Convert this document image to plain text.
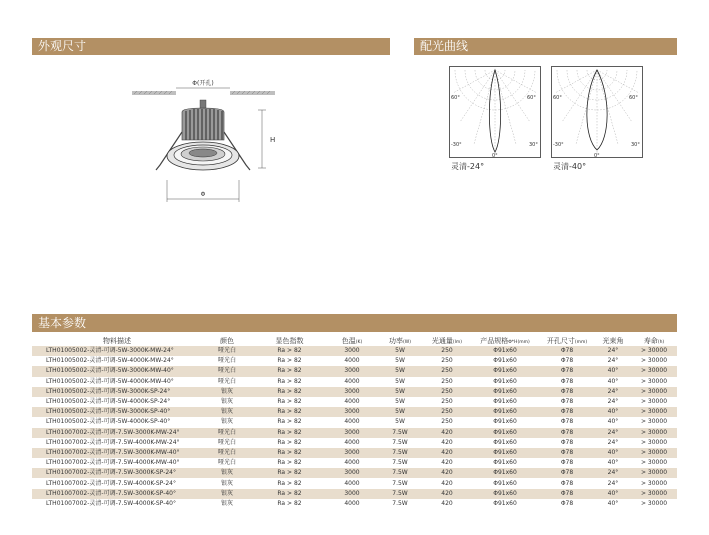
外观尺寸	配光曲线
基本参数
Φ(开孔)
H
Φ
60°	60°
-30°	30°
0°
灵清-24°
60°	60°
-30°	30°
0°
灵清-40°
物料描述	颜色	显色指数	色温(K)	功率(W)	光通量(lm)	产品规格Φ*H(mm)	开孔尺寸(mm)	光束角	寿命(h)
LTH01005002-灵清-可调-5W-3000K-MW-24°	哑光白	Ra > 82	3000	5W	250	Φ91x60	Φ78	24°	> 30000
LTH01005002-灵清-可调-5W-4000K-MW-24°	哑光白	Ra > 82	4000	5W	250	Φ91x60	Φ78	24°	> 30000
LTH01005002-灵清-可调-5W-3000K-MW-40°	哑光白	Ra > 82	3000	5W	250	Φ91x60	Φ78	40°	> 30000
LTH01005002-灵清-可调-5W-4000K-MW-40°	哑光白	Ra > 82	4000	5W	250	Φ91x60	Φ78	40°	> 30000
LTH01005002-灵清-可调-5W-3000K-SP-24°	银灰	Ra > 82	3000	5W	250	Φ91x60	Φ78	24°	> 30000
LTH01005002-灵清-可调-5W-4000K-SP-24°	银灰	Ra > 82	4000	5W	250	Φ91x60	Φ78	24°	> 30000
LTH01005002-灵清-可调-5W-3000K-SP-40°	银灰	Ra > 82	3000	5W	250	Φ91x60	Φ78	40°	> 30000
LTH01005002-灵清-可调-5W-4000K-SP-40°	银灰	Ra > 82	4000	5W	250	Φ91x60	Φ78	40°	> 30000
LTH01007002-灵清-可调-7.5W-3000K-MW-24°	哑光白	Ra > 82	3000	7.5W	420	Φ91x60	Φ78	24°	> 30000
LTH01007002-灵清-可调-7.5W-4000K-MW-24°	哑光白	Ra > 82	4000	7.5W	420	Φ91x60	Φ78	24°	> 30000
LTH01007002-灵清-可调-7.5W-3000K-MW-40°	哑光白	Ra > 82	3000	7.5W	420	Φ91x60	Φ78	40°	> 30000
LTH01007002-灵清-可调-7.5W-4000K-MW-40°	哑光白	Ra > 82	4000	7.5W	420	Φ91x60	Φ78	40°	> 30000
LTH01007002-灵清-可调-7.5W-3000K-SP-24°	银灰	Ra > 82	3000	7.5W	420	Φ91x60	Φ78	24°	> 30000
LTH01007002-灵清-可调-7.5W-4000K-SP-24°	银灰	Ra > 82	4000	7.5W	420	Φ91x60	Φ78	24°	> 30000
LTH01007002-灵清-可调-7.5W-3000K-SP-40°	银灰	Ra > 82	3000	7.5W	420	Φ91x60	Φ78	40°	> 30000
LTH01007002-灵清-可调-7.5W-4000K-SP-40°	银灰	Ra > 82	4000	7.5W	420	Φ91x60	Φ78	40°	> 30000
